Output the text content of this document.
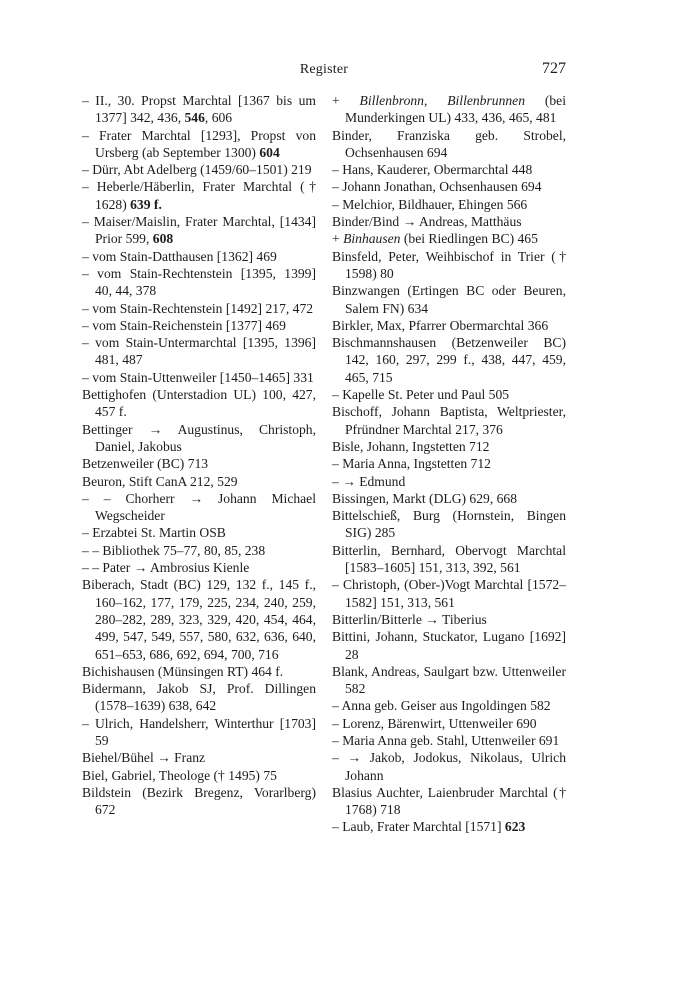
Register	727

– II., 30. Propst Marchtal [1367 bis um 1377] 342, 436, 546, 606

– Frater Marchtal [1293], Propst von Ursberg (ab September 1300) 604

– Dürr, Abt Adelberg (1459/60–1501) 219

– Heberle/Häberlin, Frater Marchtal († 1628) 639 f.

– Maiser/Maislin, Frater Marchtal, [1434] Prior 599, 608

– vom Stain-Datthausen [1362] 469

– vom Stain-Rechtenstein [1395, 1399] 40, 44, 378

– vom Stain-Rechtenstein [1492] 217, 472

– vom Stain-Reichenstein [1377] 469

– vom Stain-Untermarchtal [1395, 1396] 481, 487

– vom Stain-Uttenweiler [1450–1465] 331

Bettighofen (Unterstadion UL) 100, 427, 457 f.

Bettinger → Augustinus, Christoph, Daniel, Jakobus

Betzenweiler (BC) 713

Beuron, Stift CanA 212, 529

– – Chorherr → Johann Michael Wegscheider

– Erzabtei St. Martin OSB

– – Bibliothek 75–77, 80, 85, 238

– – Pater → Ambrosius Kienle

Biberach, Stadt (BC) 129, 132 f., 145 f., 160–162, 177, 179, 225, 234, 240, 259, 280–282, 289, 323, 329, 420, 454, 464, 499, 547, 549, 557, 580, 632, 636, 640, 651–653, 686, 692, 694, 700, 716

Bichishausen (Münsingen RT) 464 f.

Bidermann, Jakob SJ, Prof. Dillingen (1578–1639) 638, 642

– Ulrich, Handelsherr, Winterthur [1703] 59

Biehel/Bühel → Franz

Biel, Gabriel, Theologe († 1495) 75

Bildstein (Bezirk Bregenz, Vorarlberg) 672

+ Billenbronn, Billenbrunnen (bei Munderkingen UL) 433, 436, 465, 481

Binder, Franziska geb. Strobel, Ochsenhausen 694

– Hans, Kauderer, Obermarchtal 448

– Johann Jonathan, Ochsenhausen 694

– Melchior, Bildhauer, Ehingen 566

Binder/Bind → Andreas, Matthäus

+ Binhausen (bei Riedlingen BC) 465

Binsfeld, Peter, Weihbischof in Trier († 1598) 80

Binzwangen (Ertingen BC oder Beuren, Salem FN) 634

Birkler, Max, Pfarrer Obermarchtal 366

Bischmannshausen (Betzenweiler BC) 142, 160, 297, 299 f., 438, 447, 459, 465, 715

– Kapelle St. Peter und Paul 505

Bischoff, Johann Baptista, Weltpriester, Pfründner Marchtal 217, 376

Bisle, Johann, Ingstetten 712

– Maria Anna, Ingstetten 712

– → Edmund

Bissingen, Markt (DLG) 629, 668

Bittelschieß, Burg (Hornstein, Bingen SIG) 285

Bitterlin, Bernhard, Obervogt Marchtal [1583–1605] 151, 313, 392, 561

– Christoph, (Ober-)Vogt Marchtal [1572–1582] 151, 313, 561

Bitterlin/Bitterle → Tiberius

Bittini, Johann, Stuckator, Lugano [1692] 28

Blank, Andreas, Saulgart bzw. Uttenweiler 582

– Anna geb. Geiser aus Ingoldingen 582

– Lorenz, Bärenwirt, Uttenweiler 690

– Maria Anna geb. Stahl, Uttenweiler 691

– → Jakob, Jodokus, Nikolaus, Ulrich Johann

Blasius Auchter, Laienbruder Marchtal († 1768) 718

– Laub, Frater Marchtal [1571] 623
